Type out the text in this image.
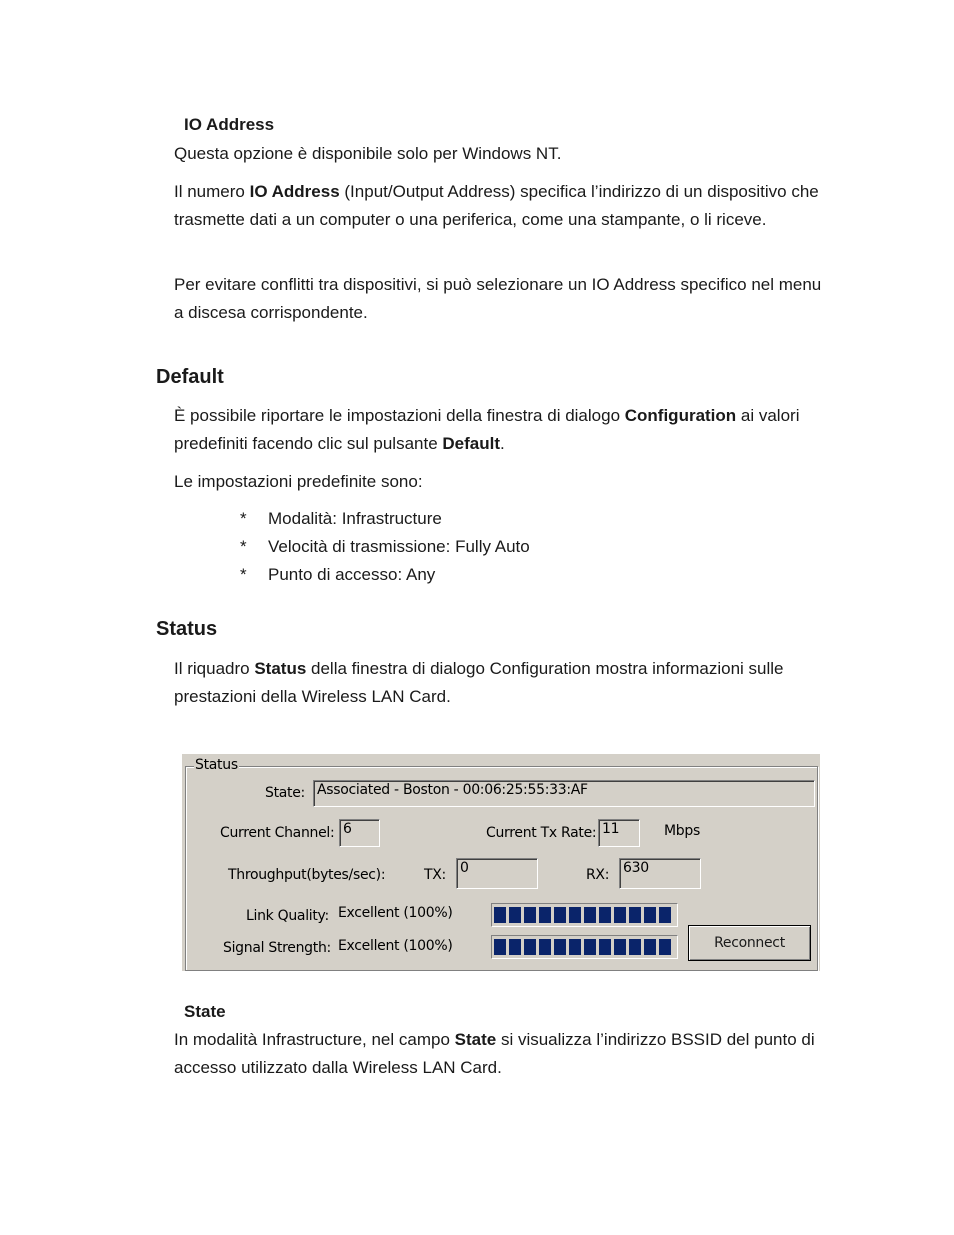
IO Address
Questa opzione è disponibile solo per Windows NT.
Il numero IO Address (Input/Output Address) specifica l’indirizzo di un dispositivo che trasmette dati a un computer o una periferica, come una stampante, o li riceve.
Per evitare conflitti tra dispositivi, si può selezionare un IO Address specifico nel menu a discesa corrispondente.
Default
È possibile riportare le impostazioni della finestra di dialogo Configuration ai valori predefiniti facendo clic sul pulsante Default.
Le impostazioni predefinite sono:
* Modalità: Infrastructure
* Velocità di trasmissione: Fully Auto
* Punto di accesso: Any
Status
Il riquadro Status della finestra di dialogo Configuration mostra informazioni sulle prestazioni della Wireless LAN Card.
Status
State: Associated - Boston - 00:06:25:55:33:AF
Current Channel: 6	Current Tx Rate: 11	Mbps
Throughput(bytes/sec):	TX: 0	RX: 630
Link Quality: Excellent (100%)
Signal Strength: Excellent (100%)	Reconnect
State
In modalità Infrastructure, nel campo State si visualizza l’indirizzo BSSID del punto di accesso utilizzato dalla Wireless LAN Card.
